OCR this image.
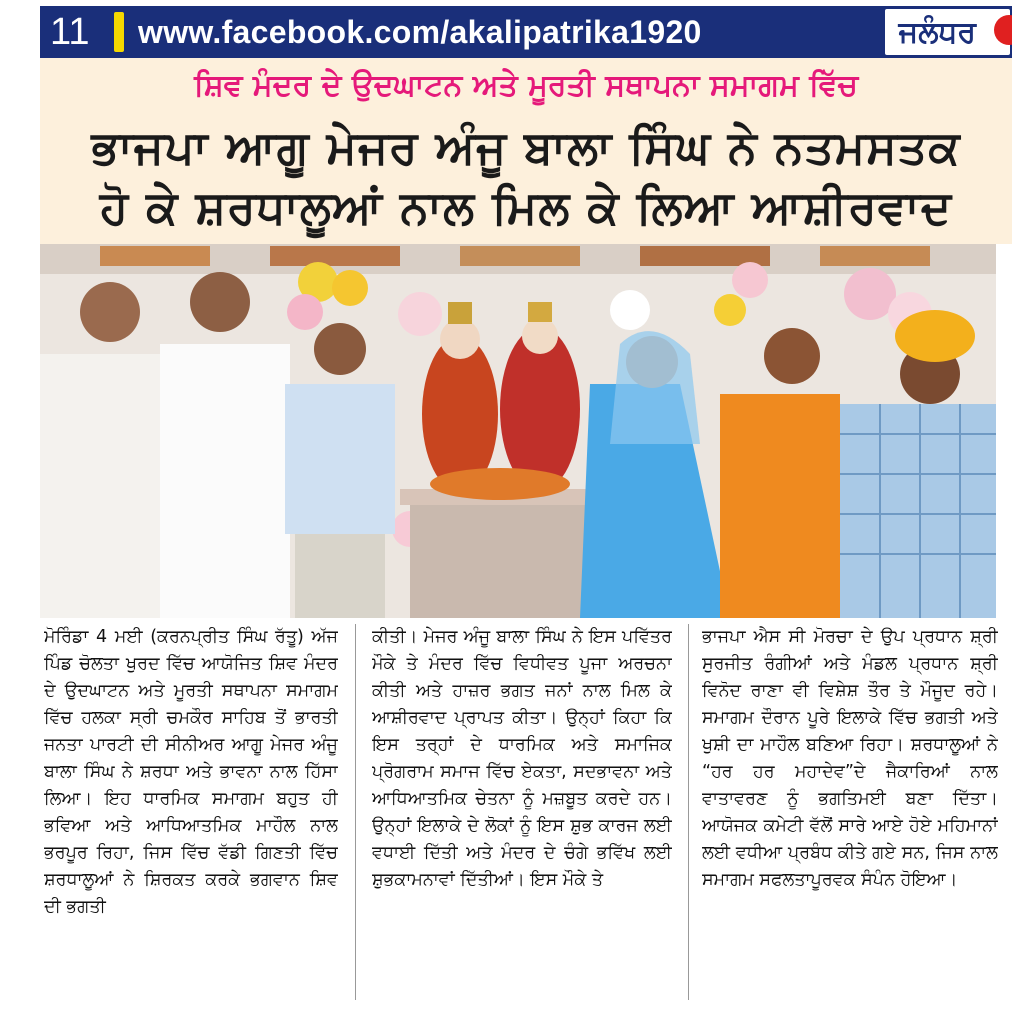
11	www.facebook.com/akalipatrika1920	ਜਲੰਧਰ
ਸ਼ਿਵ ਮੰਦਰ ਦੇ ਉਦਘਾਟਨ ਅਤੇ ਮੂਰਤੀ ਸਥਾਪਨਾ ਸਮਾਗਮ ਵਿੱਚ
ਭਾਜਪਾ ਆਗੂ ਮੇਜਰ ਅੰਜੂ ਬਾਲਾ ਸਿੰਘ ਨੇ ਨਤਮਸਤਕ
ਹੋ ਕੇ ਸ਼ਰਧਾਲੂਆਂ ਨਾਲ ਮਿਲ ਕੇ ਲਿਆ ਆਸ਼ੀਰਵਾਦ
ਮੋਰਿੰਡਾ 4 ਮਈ (ਕਰਨਪ੍ਰੀਤ ਸਿੰਘ ਰੱਤੂ) ਅੱਜ ਪਿੰਡ ਚੋਲਤਾ ਖੁਰਦ ਵਿੱਚ ਆਯੋਜਿਤ ਸ਼ਿਵ ਮੰਦਰ ਦੇ ਉਦਘਾਟਨ ਅਤੇ ਮੂਰਤੀ ਸਥਾਪਨਾ ਸਮਾਗਮ ਵਿੱਚ ਹਲਕਾ ਸ੍ਰੀ ਚਮਕੌਰ ਸਾਹਿਬ ਤੋਂ ਭਾਰਤੀ ਜਨਤਾ ਪਾਰਟੀ ਦੀ ਸੀਨੀਅਰ ਆਗੂ ਮੇਜਰ ਅੰਜੂ ਬਾਲਾ ਸਿੰਘ ਨੇ ਸ਼ਰਧਾ ਅਤੇ ਭਾਵਨਾ ਨਾਲ ਹਿੱਸਾ ਲਿਆ। ਇਹ ਧਾਰਮਿਕ ਸਮਾਗਮ ਬਹੁਤ ਹੀ ਭਵਿਆ ਅਤੇ ਆਧਿਆਤਮਿਕ ਮਾਹੌਲ ਨਾਲ ਭਰਪੂਰ ਰਿਹਾ, ਜਿਸ ਵਿੱਚ ਵੱਡੀ ਗਿਣਤੀ ਵਿੱਚ ਸ਼ਰਧਾਲੂਆਂ ਨੇ ਸ਼ਿਰਕਤ ਕਰਕੇ ਭਗਵਾਨ ਸ਼ਿਵ ਦੀ ਭਗਤੀ
ਕੀਤੀ। ਮੇਜਰ ਅੰਜੂ ਬਾਲਾ ਸਿੰਘ ਨੇ ਇਸ ਪਵਿੱਤਰ ਮੌਕੇ ਤੇ ਮੰਦਰ ਵਿੱਚ ਵਿਧੀਵਤ ਪੂਜਾ ਅਰਚਨਾ ਕੀਤੀ ਅਤੇ ਹਾਜ਼ਰ ਭਗਤ ਜਨਾਂ ਨਾਲ ਮਿਲ ਕੇ ਆਸ਼ੀਰਵਾਦ ਪ੍ਰਾਪਤ ਕੀਤਾ। ਉਨ੍ਹਾਂ ਕਿਹਾ ਕਿ ਇਸ ਤਰ੍ਹਾਂ ਦੇ ਧਾਰਮਿਕ ਅਤੇ ਸਮਾਜਿਕ ਪ੍ਰੋਗਰਾਮ ਸਮਾਜ ਵਿੱਚ ਏਕਤਾ, ਸਦਭਾਵਨਾ ਅਤੇ ਆਧਿਆਤਮਿਕ ਚੇਤਨਾ ਨੂੰ ਮਜ਼ਬੂਤ ਕਰਦੇ ਹਨ। ਉਨ੍ਹਾਂ ਇਲਾਕੇ ਦੇ ਲੋਕਾਂ ਨੂੰ ਇਸ ਸ਼ੁਭ ਕਾਰਜ ਲਈ ਵਧਾਈ ਦਿੱਤੀ ਅਤੇ ਮੰਦਰ ਦੇ ਚੰਗੇ ਭਵਿੱਖ ਲਈ ਸ਼ੁਭਕਾਮਨਾਵਾਂ ਦਿੱਤੀਆਂ। ਇਸ ਮੌਕੇ ਤੇ
ਭਾਜਪਾ ਐਸ ਸੀ ਮੋਰਚਾ ਦੇ ਉਪ ਪ੍ਰਧਾਨ ਸ਼੍ਰੀ ਸੁਰਜੀਤ ਰੰਗੀਆਂ ਅਤੇ ਮੰਡਲ ਪ੍ਰਧਾਨ ਸ਼੍ਰੀ ਵਿਨੋਦ ਰਾਣਾ ਵੀ ਵਿਸ਼ੇਸ਼ ਤੌਰ ਤੇ ਮੌਜੂਦ ਰਹੇ। ਸਮਾਗਮ ਦੌਰਾਨ ਪੂਰੇ ਇਲਾਕੇ ਵਿੱਚ ਭਗਤੀ ਅਤੇ ਖੁਸ਼ੀ ਦਾ ਮਾਹੌਲ ਬਣਿਆ ਰਿਹਾ। ਸ਼ਰਧਾਲੂਆਂ ਨੇ “ਹਰ ਹਰ ਮਹਾਦੇਵ”ਦੇ ਜੈਕਾਰਿਆਂ ਨਾਲ ਵਾਤਾਵਰਣ ਨੂੰ ਭਗਤਿਮਈ ਬਣਾ ਦਿੱਤਾ। ਆਯੋਜਕ ਕਮੇਟੀ ਵੱਲੋਂ ਸਾਰੇ ਆਏ ਹੋਏ ਮਹਿਮਾਨਾਂ ਲਈ ਵਧੀਆ ਪ੍ਰਬੰਧ ਕੀਤੇ ਗਏ ਸਨ, ਜਿਸ ਨਾਲ ਸਮਾਗਮ ਸਫਲਤਾਪੂਰਵਕ ਸੰਪੰਨ ਹੋਇਆ।
